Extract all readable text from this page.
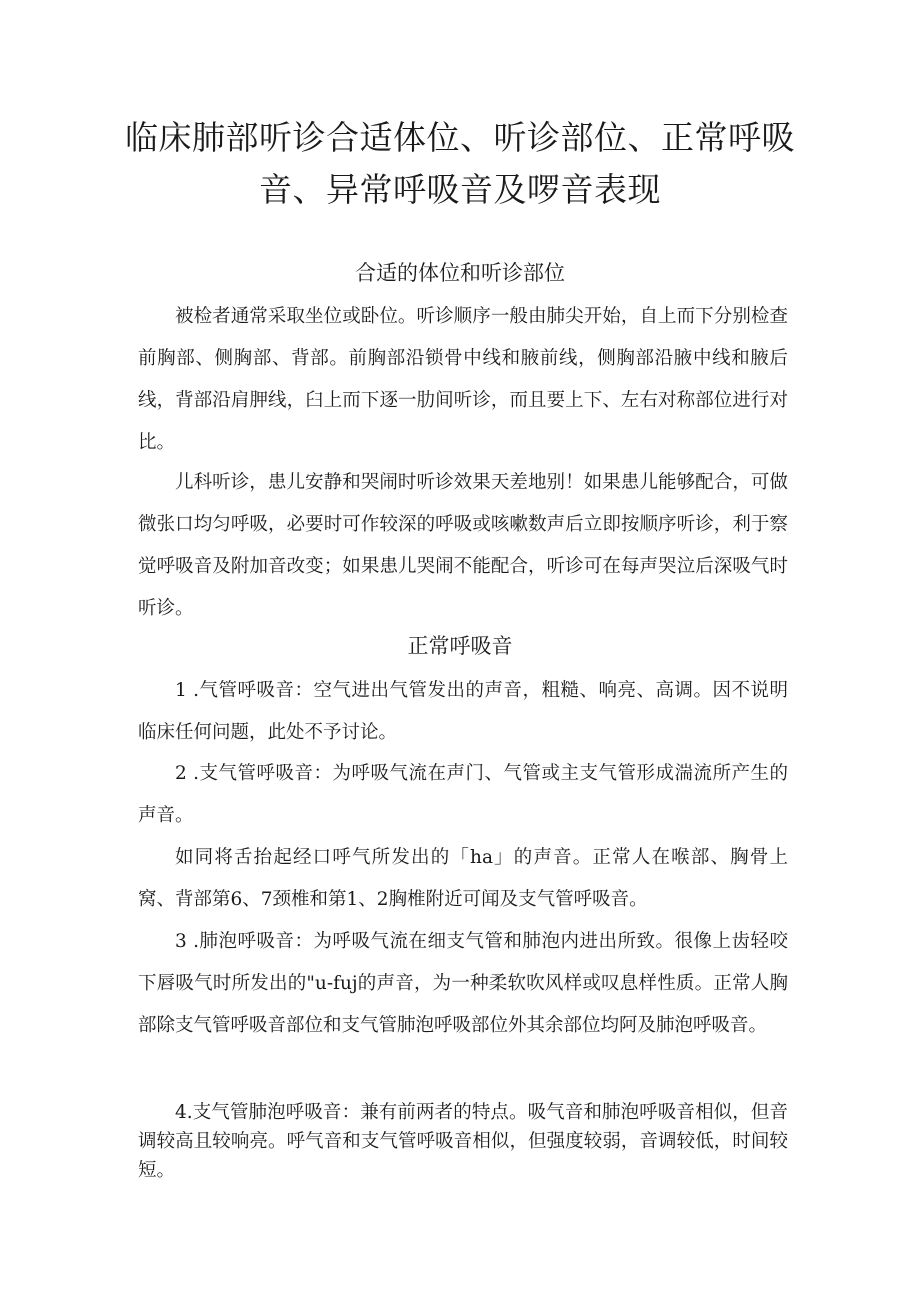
临床肺部听诊合适体位、听诊部位、正常呼吸音、异常呼吸音及啰音表现
合适的体位和听诊部位

被检者通常采取坐位或卧位。听诊顺序一般由肺尖开始，自上而下分别检查前胸部、侧胸部、背部。前胸部沿锁骨中线和腋前线，侧胸部沿腋中线和腋后线，背部沿肩胛线，臼上而下逐一肋间听诊，而且要上下、左右对称部位进行对比。

儿科听诊，患儿安静和哭闹时听诊效果天差地别！如果患儿能够配合，可做微张口均匀呼吸，必要时可作较深的呼吸或咳嗽数声后立即按顺序听诊，利于察觉呼吸音及附加音改变；如果患儿哭闹不能配合，听诊可在每声哭泣后深吸气时听诊。

正常呼吸音

1 .气管呼吸音：空气进出气管发出的声音，粗糙、响亮、高调。因不说明临床任何问题，此处不予讨论。

2 .支气管呼吸音：为呼吸气流在声门、气管或主支气管形成湍流所产生的声音。

如同将舌抬起经口呼气所发出的「ha」的声音。正常人在喉部、胸骨上窝、背部第6、7颈椎和第1、2胸椎附近可闻及支气管呼吸音。

3 .肺泡呼吸音：为呼吸气流在细支气管和肺泡内进出所致。很像上齿轻咬下唇吸气时所发出的"u-fuj的声音，为一种柔软吹风样或叹息样性质。正常人胸部除支气管呼吸音部位和支气管肺泡呼吸部位外其余部位均阿及肺泡呼吸音。

4.支气管肺泡呼吸音：兼有前两者的特点。吸气音和肺泡呼吸音相似，但音调较高且较响亮。呼气音和支气管呼吸音相似，但强度较弱，音调较低，时间较短。
